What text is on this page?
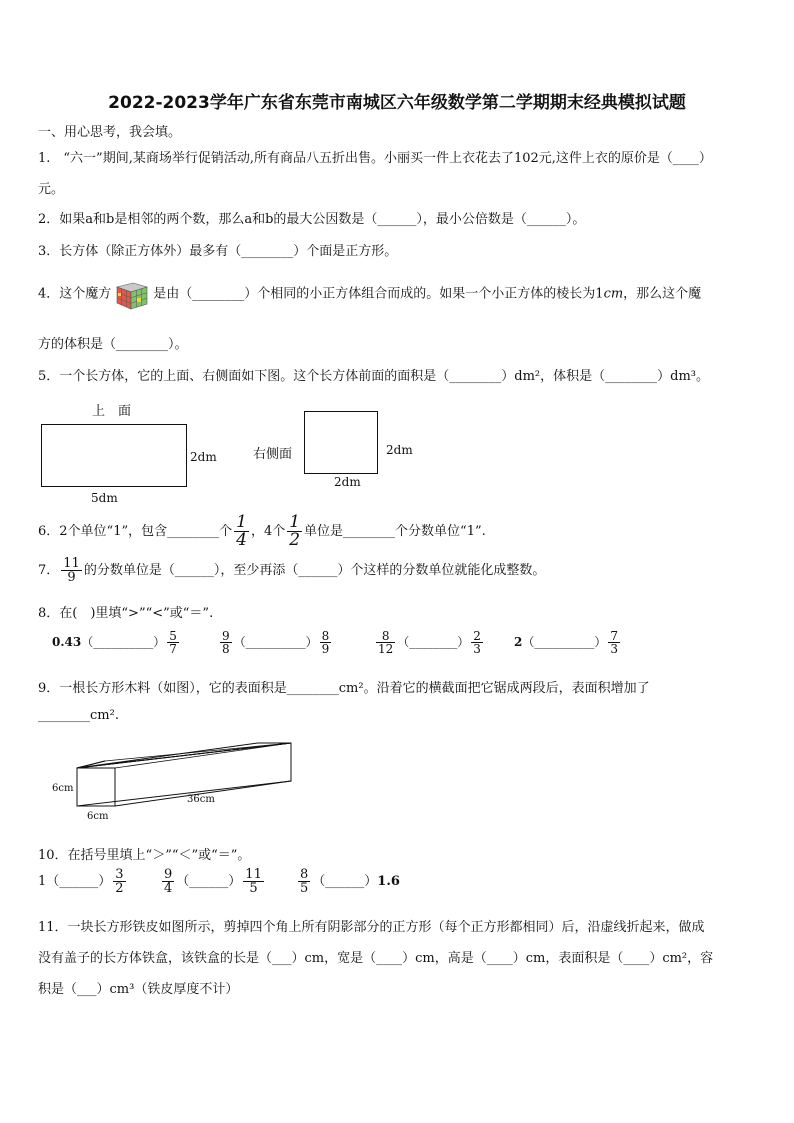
2022-2023学年广东省东莞市南城区六年级数学第二学期期末经典模拟试题
一、用心思考，我会填。
1.　“六一”期间,某商场举行促销活动,所有商品八五折出售。小丽买一件上衣花去了102元,这件上衣的原价是（____）
元。
2．如果a和b是相邻的两个数，那么a和b的最大公因数是（______），最小公倍数是（______）。
3．长方体（除正方体外）最多有（________）个面是正方形。
4．这个魔方	是由（________）个相同的小正方体组合而成的。如果一个小正方体的棱长为1cm，那么这个魔
方的体积是（________）。
5．一个长方体，它的上面、右侧面如下图。这个长方体前面的面积是（________）dm²，体积是（________）dm³。
上　面
2dm
5dm
右侧面	2dm
2dm
6．2个单位“1”，包含________个 $\frac{1}{4}$ ，4个 $\frac{1}{2}$ 单位是________个分数单位“1”.
7． $\frac{11}{9}$ 的分数单位是（______），至少再添（______）个这样的分数单位就能化成整数。
8．在(　)里填“>”“<”或“＝”.
0.43（__________） $\frac{5}{7}$	$\frac{9}{8}$ （__________） $\frac{8}{9}$	$\frac{8}{12}$ （________） $\frac{2}{3}$	2（__________） $\frac{7}{3}$
9．一根长方形木料（如图），它的表面积是________cm²。沿着它的横截面把它锯成两段后，表面积增加了
________cm².
6cm
6cm
36cm
10．在括号里填上“＞”“＜”或“＝”。
1（______） $\frac{3}{2}$	$\frac{9}{4}$ （______） $\frac{11}{5}$	$\frac{8}{5}$ （______）1.6
11．一块长方形铁皮如图所示，剪掉四个角上所有阴影部分的正方形（每个正方形都相同）后，沿虚线折起来，做成
没有盖子的长方体铁盒，该铁盒的长是（___）cm，宽是（____）cm，高是（____）cm，表面积是（____）cm²，容
积是（___）cm³（铁皮厚度不计）
